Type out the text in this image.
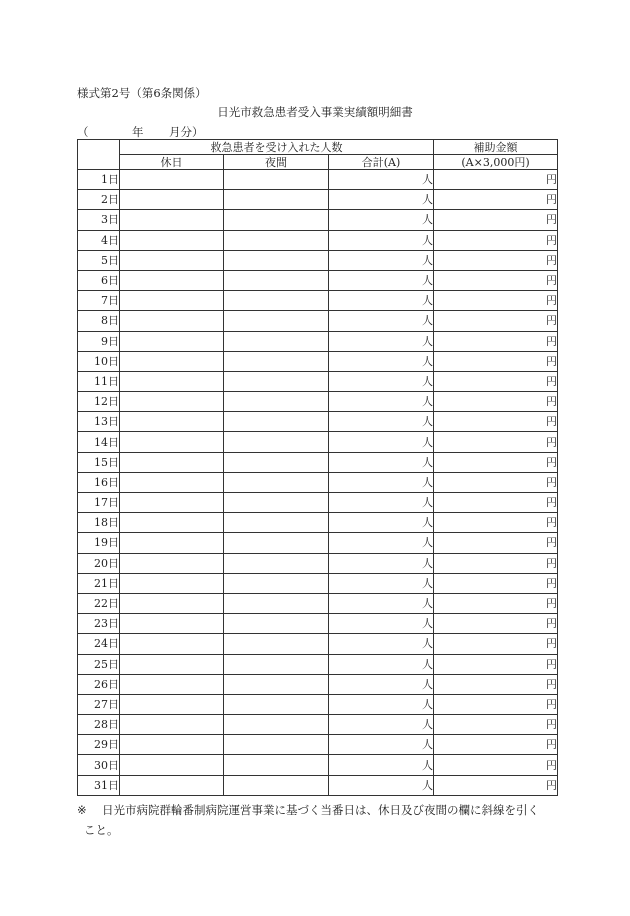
様式第2号（第6条関係）
日光市救急患者受入事業実績額明細書
（	年	月分）
	救急患者を受け入れた人数			補助金額
	休日	夜間	合計(A)	(A×3,000円)
1日			人	円
2日			人	円
3日			人	円
4日			人	円
5日			人	円
6日			人	円
7日			人	円
8日			人	円
9日			人	円
10日			人	円
11日			人	円
12日			人	円
13日			人	円
14日			人	円
15日			人	円
16日			人	円
17日			人	円
18日			人	円
19日			人	円
20日			人	円
21日			人	円
22日			人	円
23日			人	円
24日			人	円
25日			人	円
26日			人	円
27日			人	円
28日			人	円
29日			人	円
30日			人	円
31日			人	円
※	日光市病院群輪番制病院運営事業に基づく当番日は、休日及び夜間の欄に斜線を引く
こと。
